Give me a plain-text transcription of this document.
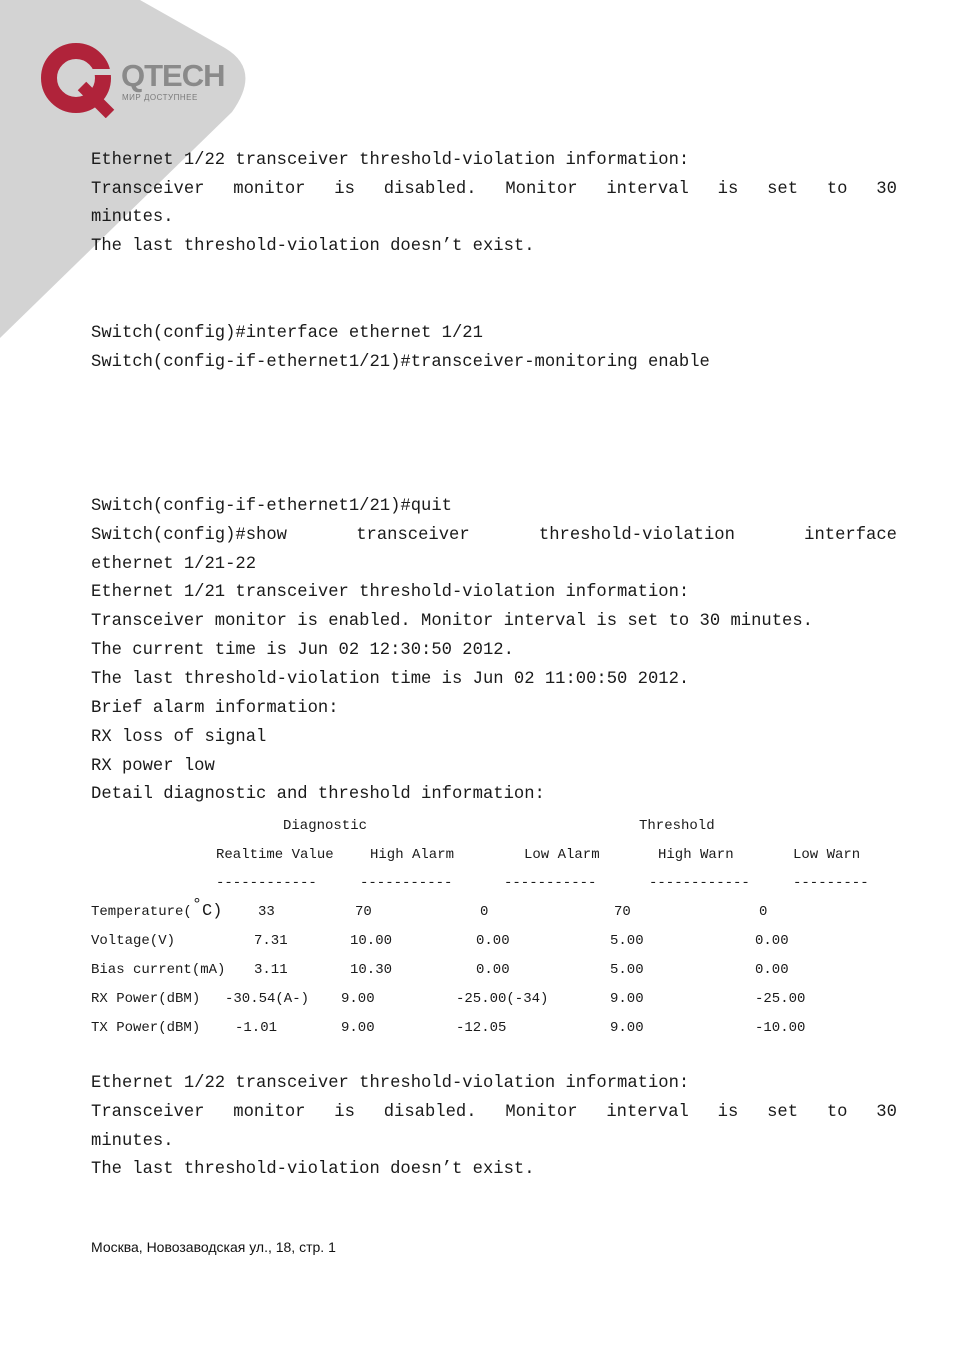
QTECH
МИР ДОСТУПНЕЕ
Ethernet 1/22 transceiver threshold-violation information:
Transceiver monitor is disabled. Monitor interval is set to 30
minutes.
The last threshold-violation doesn’t exist.
Switch(config)#interface ethernet 1/21
Switch(config-if-ethernet1/21)#transceiver-monitoring enable
Switch(config-if-ethernet1/21)#quit
Switch(config)#show	transceiver	threshold-violation	interface
ethernet 1/21-22
Ethernet 1/21 transceiver threshold-violation information:
Transceiver monitor is enabled. Monitor interval is set to 30 minutes.
The current time is Jun 02 12:30:50 2012.
The last threshold-violation time is Jun 02 11:00:50 2012.
Brief alarm information:
RX loss of signal
RX power low
Detail diagnostic and threshold information:
Diagnostic	Threshold
Realtime Value	High Alarm	Low Alarm	High Warn	Low Warn
------------	-----------	-----------	------------	---------
Temperature(°C)	33	70	0	70	0
Voltage(V)	7.31	10.00	0.00	5.00	0.00
Bias current(mA) 3.11	10.30	0.00	5.00	0.00
RX Power(dBM) -30.54(A-) 9.00	-25.00(-34)	9.00	-25.00
TX Power(dBM) -1.01	9.00	-12.05	9.00	-10.00
Ethernet 1/22 transceiver threshold-violation information:
Transceiver monitor is disabled. Monitor interval is set to 30
minutes.
The last threshold-violation doesn’t exist.
Москва, Новозаводская ул., 18, стр. 1
